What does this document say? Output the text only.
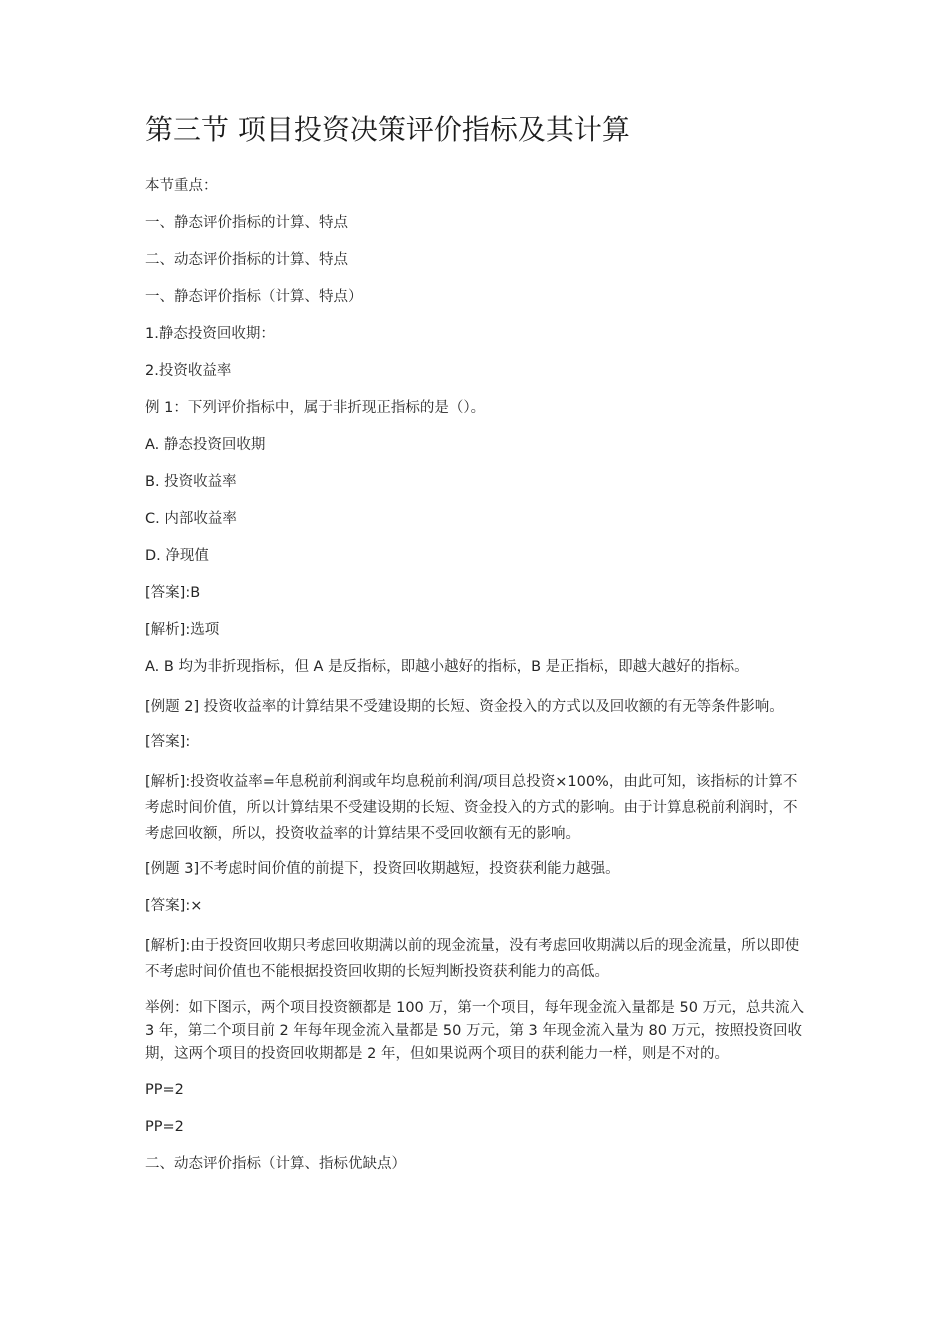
第三节 项目投资决策评价指标及其计算

本节重点：

一、静态评价指标的计算、特点

二、动态评价指标的计算、特点

一、静态评价指标（计算、特点）

1.静态投资回收期：

2.投资收益率

例 1：下列评价指标中，属于非折现正指标的是（）。

A. 静态投资回收期

B. 投资收益率

C. 内部收益率

D. 净现值

[答案]:B

[解析]:选项

A. B 均为非折现指标，但 A 是反指标，即越小越好的指标，B 是正指标，即越大越好的指标。

[例题 2] 投资收益率的计算结果不受建设期的长短、资金投入的方式以及回收额的有无等条件影响。

[答案]:

[解析]:投资收益率=年息税前利润或年均息税前利润/项目总投资×100%，由此可知，该指标的计算不考虑时间价值，所以计算结果不受建设期的长短、资金投入的方式的影响。由于计算息税前利润时，不考虑回收额，所以，投资收益率的计算结果不受回收额有无的影响。

[例题 3]不考虑时间价值的前提下，投资回收期越短，投资获利能力越强。

[答案]:×

[解析]:由于投资回收期只考虑回收期满以前的现金流量，没有考虑回收期满以后的现金流量，所以即使不考虑时间价值也不能根据投资回收期的长短判断投资获利能力的高低。

举例：如下图示，两个项目投资额都是 100 万，第一个项目，每年现金流入量都是 50 万元，总共流入 3 年，第二个项目前 2 年每年现金流入量都是 50 万元，第 3 年现金流入量为 80 万元，按照投资回收期，这两个项目的投资回收期都是 2 年，但如果说两个项目的获利能力一样，则是不对的。

PP=2

PP=2

二、动态评价指标（计算、指标优缺点）
